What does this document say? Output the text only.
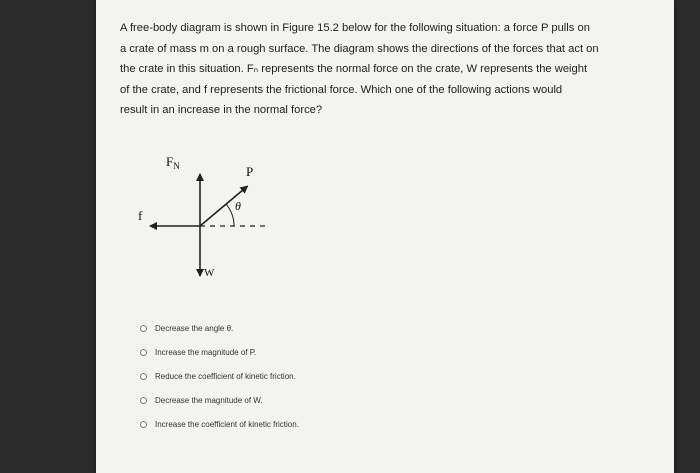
A free-body diagram is shown in Figure 15.2 below for the following situation: a force P pulls on

a crate of mass m on a rough surface. The diagram shows the directions of the forces that act on

the crate in this situation. Fₙ represents the normal force on the crate, W represents the weight

of the crate, and f represents the frictional force. Which one of the following actions would

result in an increase in the normal force?

$F_N$	P
θ
f
W
Decrease the angle θ.
Increase the magnitude of P.
Reduce the coefficient of kinetic friction.
Decrease the magnitude of W.
Increase the coefficient of kinetic friction.
